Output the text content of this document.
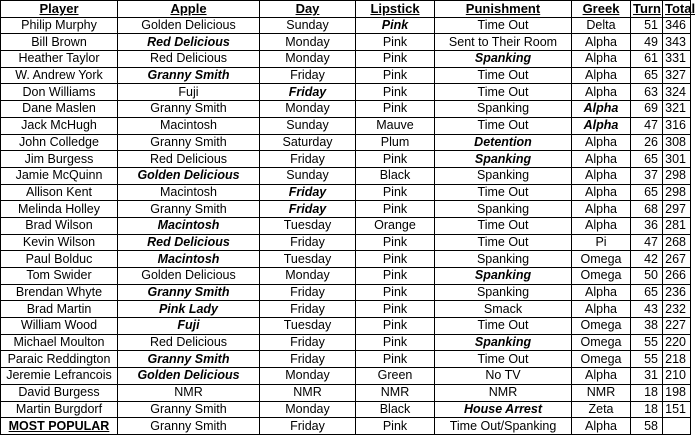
Player	Apple	Day	Lipstick	Punishment	Greek	Turn	Total
Philip Murphy	Golden Delicious	Sunday	Pink	Time Out	Delta	51	346
Bill Brown	Red Delicious	Monday	Pink	Sent to Their Room	Alpha	49	343
Heather Taylor	Red Delicious	Monday	Pink	Spanking	Alpha	61	331
W. Andrew York	Granny Smith	Friday	Pink	Time Out	Alpha	65	327
Don Williams	Fuji	Friday	Pink	Time Out	Alpha	63	324
Dane Maslen	Granny Smith	Monday	Pink	Spanking	Alpha	69	321
Jack McHugh	Macintosh	Sunday	Mauve	Time Out	Alpha	47	316
John Colledge	Granny Smith	Saturday	Plum	Detention	Alpha	26	308
Jim Burgess	Red Delicious	Friday	Pink	Spanking	Alpha	65	301
Jamie McQuinn	Golden Delicious	Sunday	Black	Spanking	Alpha	37	298
Allison Kent	Macintosh	Friday	Pink	Time Out	Alpha	65	298
Melinda Holley	Granny Smith	Friday	Pink	Spanking	Alpha	68	297
Brad Wilson	Macintosh	Tuesday	Orange	Time Out	Alpha	36	281
Kevin Wilson	Red Delicious	Friday	Pink	Time Out	Pi	47	268
Paul Bolduc	Macintosh	Tuesday	Pink	Spanking	Omega	42	267
Tom Swider	Golden Delicious	Monday	Pink	Spanking	Omega	50	266
Brendan Whyte	Granny Smith	Friday	Pink	Spanking	Alpha	65	236
Brad Martin	Pink Lady	Friday	Pink	Smack	Alpha	43	232
William Wood	Fuji	Tuesday	Pink	Time Out	Omega	38	227
Michael Moulton	Red Delicious	Friday	Pink	Spanking	Omega	55	220
Paraic Reddington	Granny Smith	Friday	Pink	Time Out	Omega	55	218
Jeremie Lefrancois	Golden Delicious	Monday	Green	No TV	Alpha	31	210
David Burgess	NMR	NMR	NMR	NMR	NMR	18	198
Martin Burgdorf	Granny Smith	Monday	Black	House Arrest	Zeta	18	151
MOST POPULAR	Granny Smith	Friday	Pink	Time Out/Spanking	Alpha	58	
